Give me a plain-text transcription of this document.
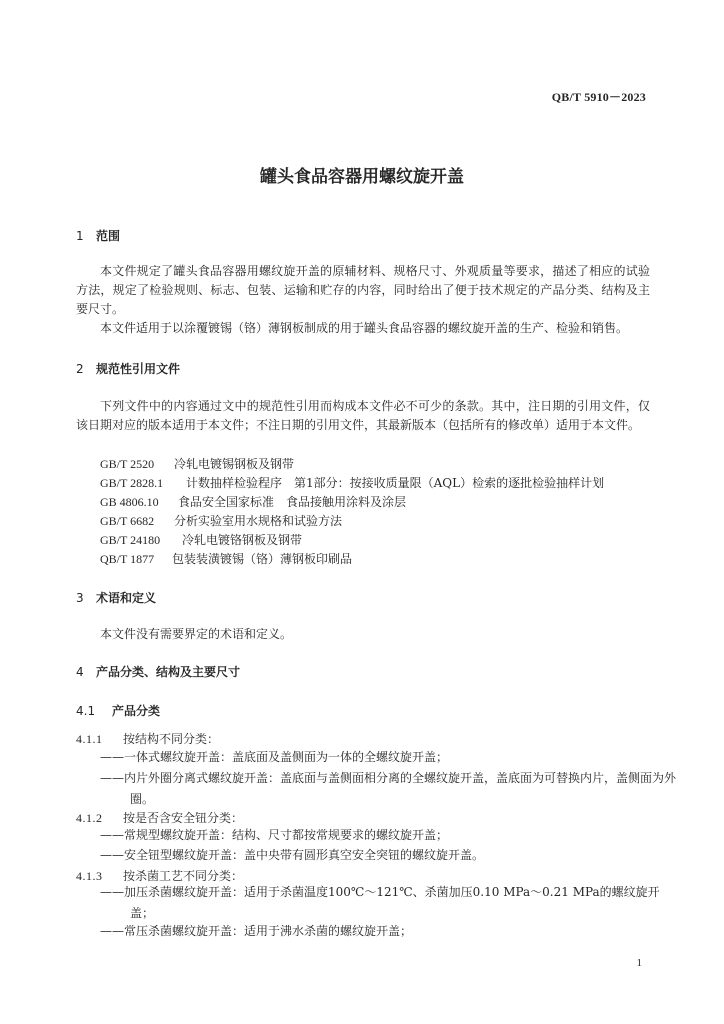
QB/T 5910－2023
罐头食品容器用螺纹旋开盖
1 范围
本文件规定了罐头食品容器用螺纹旋开盖的原辅材料、规格尺寸、外观质量等要求，描述了相应的试验方法，规定了检验规则、标志、包装、运输和贮存的内容，同时给出了便于技术规定的产品分类、结构及主要尺寸。
本文件适用于以涂覆镀锡（铬）薄钢板制成的用于罐头食品容器的螺纹旋开盖的生产、检验和销售。
2 规范性引用文件
下列文件中的内容通过文中的规范性引用而构成本文件必不可少的条款。其中，注日期的引用文件，仅该日期对应的版本适用于本文件；不注日期的引用文件，其最新版本（包括所有的修改单）适用于本文件。
GB/T 2520 冷轧电镀锡钢板及钢带
GB/T 2828.1 计数抽样检验程序　第1部分：按接收质量限（AQL）检索的逐批检验抽样计划
GB 4806.10 食品安全国家标准　食品接触用涂料及涂层
GB/T 6682 分析实验室用水规格和试验方法
GB/T 24180 冷轧电镀铬钢板及钢带
QB/T 1877 包装装潢镀锡（铬）薄钢板印刷品
3 术语和定义
本文件没有需要界定的术语和定义。
4 产品分类、结构及主要尺寸
4.1 产品分类
4.1.1 按结构不同分类：
——一体式螺纹旋开盖：盖底面及盖侧面为一体的全螺纹旋开盖；
——内片外圈分离式螺纹旋开盖：盖底面与盖侧面相分离的全螺纹旋开盖，盖底面为可替换内片，盖侧面为外圈。
4.1.2 按是否含安全钮分类：
——常规型螺纹旋开盖：结构、尺寸都按常规要求的螺纹旋开盖；
——安全钮型螺纹旋开盖：盖中央带有圆形真空安全突钮的螺纹旋开盖。
4.1.3 按杀菌工艺不同分类：
——加压杀菌螺纹旋开盖：适用于杀菌温度100℃～121℃、杀菌加压0.10 MPa～0.21 MPa的螺纹旋开盖；
——常压杀菌螺纹旋开盖：适用于沸水杀菌的螺纹旋开盖；
1
